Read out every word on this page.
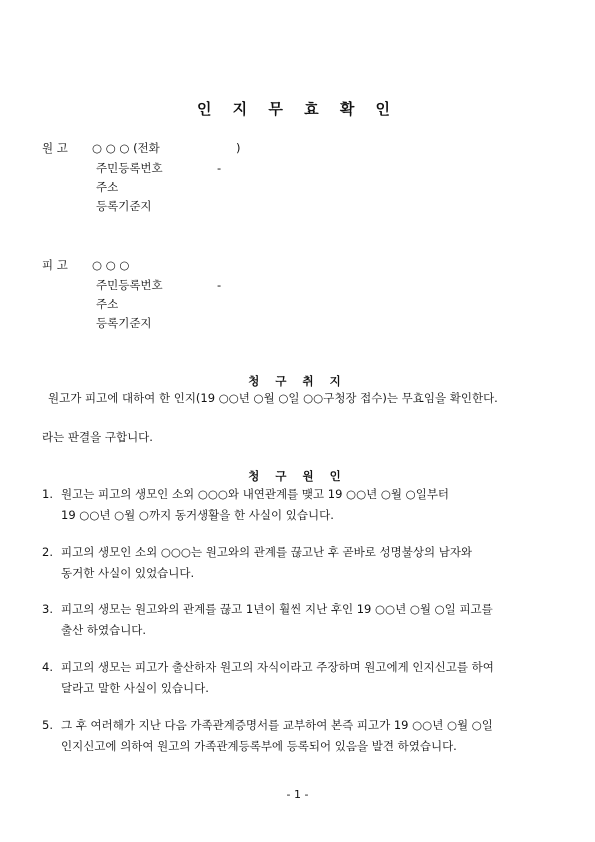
인 지 무 효 확 인
원 고 ○ ○ ○ (전화	)
주민등록번호	-
주소
등록기준지
피 고 ○ ○ ○
주민등록번호	-
주소
등록기준지
청 구 취 지
원고가 피고에 대하여 한 인지(19 ○○년 ○월 ○일 ○○구청장 접수)는 무효임을 확인한다.
라는 판결을 구합니다.
청 구 원 인
1. 원고는 피고의 생모인 소외 ○○○와 내연관계를 맺고 19 ○○년 ○월 ○일부터
19 ○○년 ○월 ○까지 동거생활을 한 사실이 있습니다.
2. 피고의 생모인 소외 ○○○는 원고와의 관계를 끊고난 후 곧바로 성명불상의 남자와
동거한 사실이 있었습니다.
3. 피고의 생모는 원고와의 관계를 끊고 1년이 훨씬 지난 후인 19 ○○년 ○월 ○일 피고를
출산 하였습니다.
4. 피고의 생모는 피고가 출산하자 원고의 자식이라고 주장하며 원고에게 인지신고를 하여
달라고 말한 사실이 있습니다.
5. 그 후 여러해가 지난 다음 가족관계증명서를 교부하여 본즉 피고가 19 ○○년 ○월 ○일
인지신고에 의하여 원고의 가족관계등록부에 등록되어 있음을 발견 하였습니다.
- 1 -
